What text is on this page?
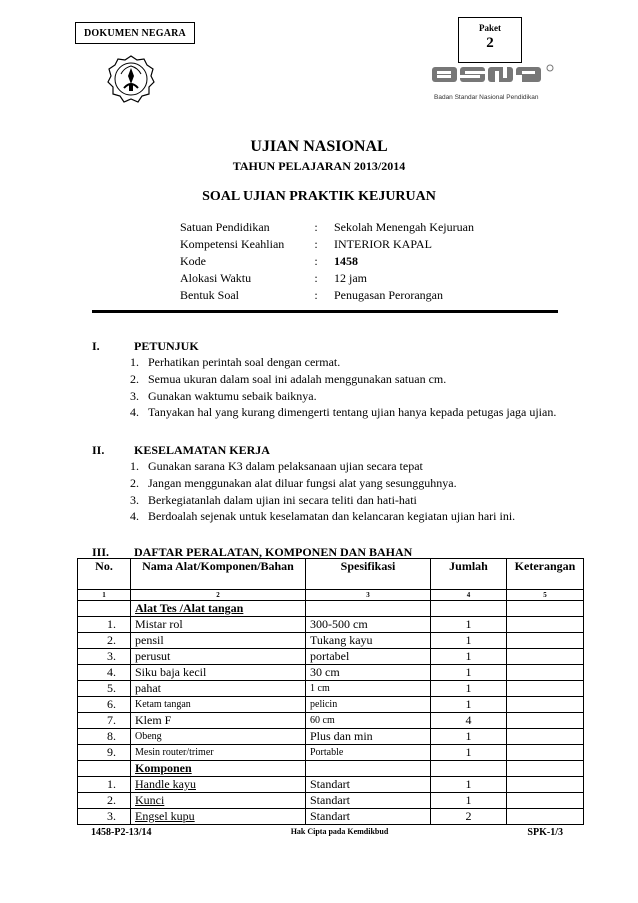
DOKUMEN NEGARA	Paket
2
Badan Standar Nasional Pendidikan
UJIAN NASIONAL
TAHUN PELAJARAN 2013/2014
SOAL UJIAN PRAKTIK KEJURUAN
Satuan Pendidikan	:	Sekolah Menengah Kejuruan
Kompetensi Keahlian	:	INTERIOR KAPAL
Kode	:	1458
Alokasi Waktu	:	12 jam
Bentuk Soal	:	Penugasan Perorangan
I.	PETUNJUK
1. Perhatikan perintah soal dengan cermat.
2. Semua ukuran dalam soal ini adalah menggunakan satuan cm.
3. Gunakan waktumu sebaik baiknya.
4. Tanyakan hal yang kurang dimengerti tentang ujian hanya kepada petugas jaga ujian.
II. KESELAMATAN KERJA
1. Gunakan sarana K3 dalam pelaksanaan ujian secara tepat
2. Jangan menggunakan alat diluar fungsi alat yang sesungguhnya.
3. Berkegiatanlah dalam ujian ini secara teliti dan hati-hati
4. Berdoalah sejenak untuk keselamatan dan kelancaran kegiatan ujian hari ini.
III. DAFTAR PERALATAN, KOMPONEN DAN BAHAN
No.	Nama Alat/Komponen/Bahan	Spesifikasi	Jumlah	Keterangan
1	2	3	4	5
	Alat Tes /Alat tangan			
1.	Mistar rol	300-500 cm	1	
2.	pensil	Tukang kayu	1	
3.	perusut	portabel	1	
4.	Siku baja kecil	30 cm	1	
5.	pahat	1 cm	1	
6.	Ketam tangan	pelicin	1	
7.	Klem F	60 cm	4	
8.	Obeng	Plus dan min	1	
9.	Mesin router/trimer	Portable	1	
	Komponen			
1.	Handle kayu	Standart	1	
2.	Kunci	Standart	1	
3.	Engsel kupu	Standart	2	
1458-P2-13/14	Hak Cipta pada Kemdikbud	SPK-1/3
